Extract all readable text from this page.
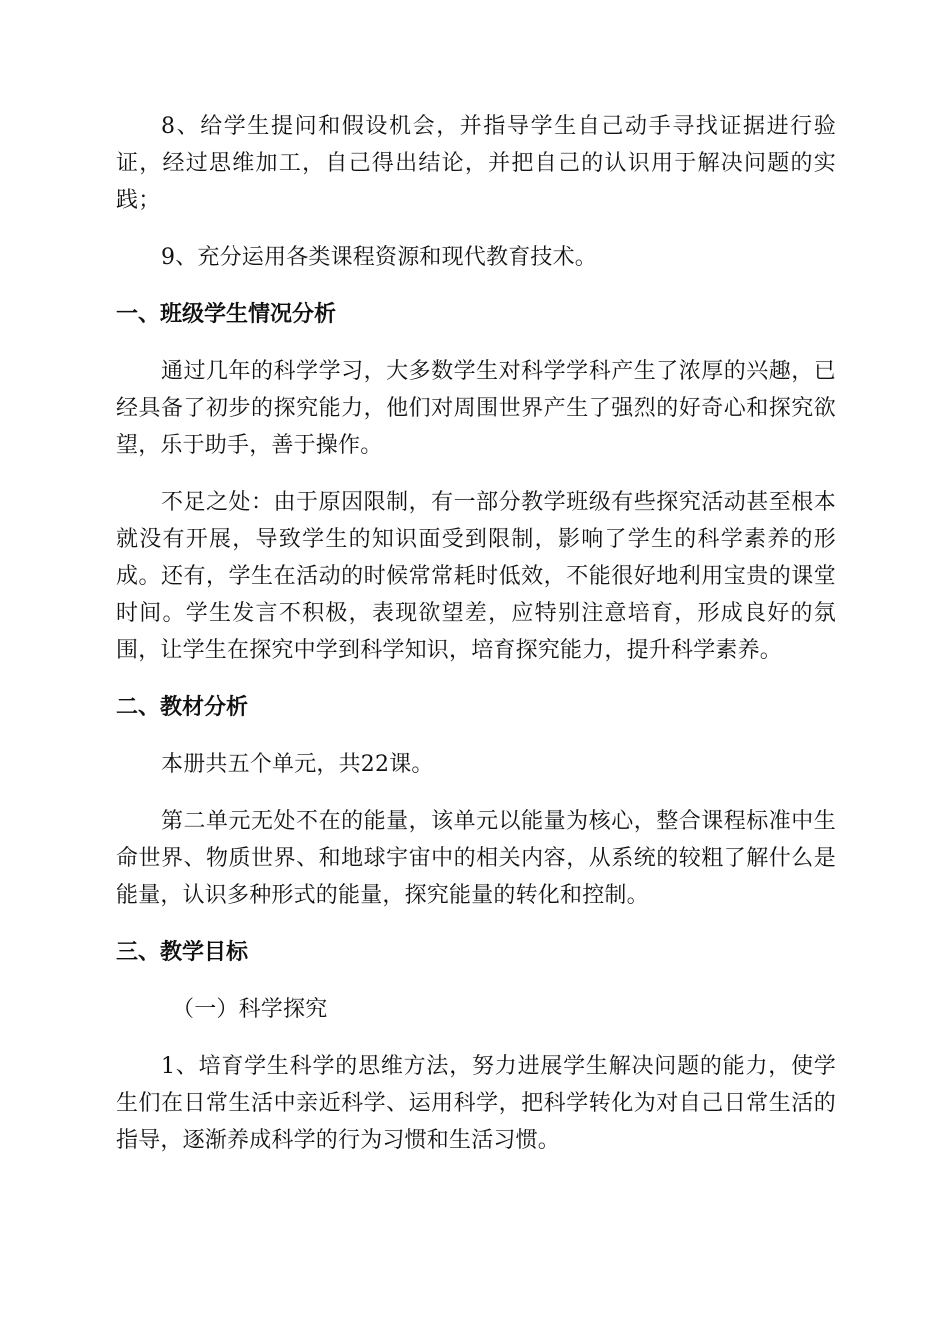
8、给学生提问和假设机会，并指导学生自己动手寻找证据进行验证，经过思维加工，自己得出结论，并把自己的认识用于解决问题的实践；

9、充分运用各类课程资源和现代教育技术。

一、班级学生情况分析

通过几年的科学学习，大多数学生对科学学科产生了浓厚的兴趣，已经具备了初步的探究能力，他们对周围世界产生了强烈的好奇心和探究欲望，乐于助手，善于操作。

不足之处：由于原因限制，有一部分教学班级有些探究活动甚至根本就没有开展，导致学生的知识面受到限制，影响了学生的科学素养的形成。还有，学生在活动的时候常常耗时低效，不能很好地利用宝贵的课堂时间。学生发言不积极，表现欲望差，应特别注意培育，形成良好的氛围，让学生在探究中学到科学知识，培育探究能力，提升科学素养。

二、教材分析

本册共五个单元，共22课。

第二单元无处不在的能量，该单元以能量为核心，整合课程标准中生命世界、物质世界、和地球宇宙中的相关内容，从系统的较粗了解什么是能量，认识多种形式的能量，探究能量的转化和控制。

三、教学目标

（一）科学探究

1、培育学生科学的思维方法，努力进展学生解决问题的能力，使学生们在日常生活中亲近科学、运用科学，把科学转化为对自己日常生活的指导，逐渐养成科学的行为习惯和生活习惯。
